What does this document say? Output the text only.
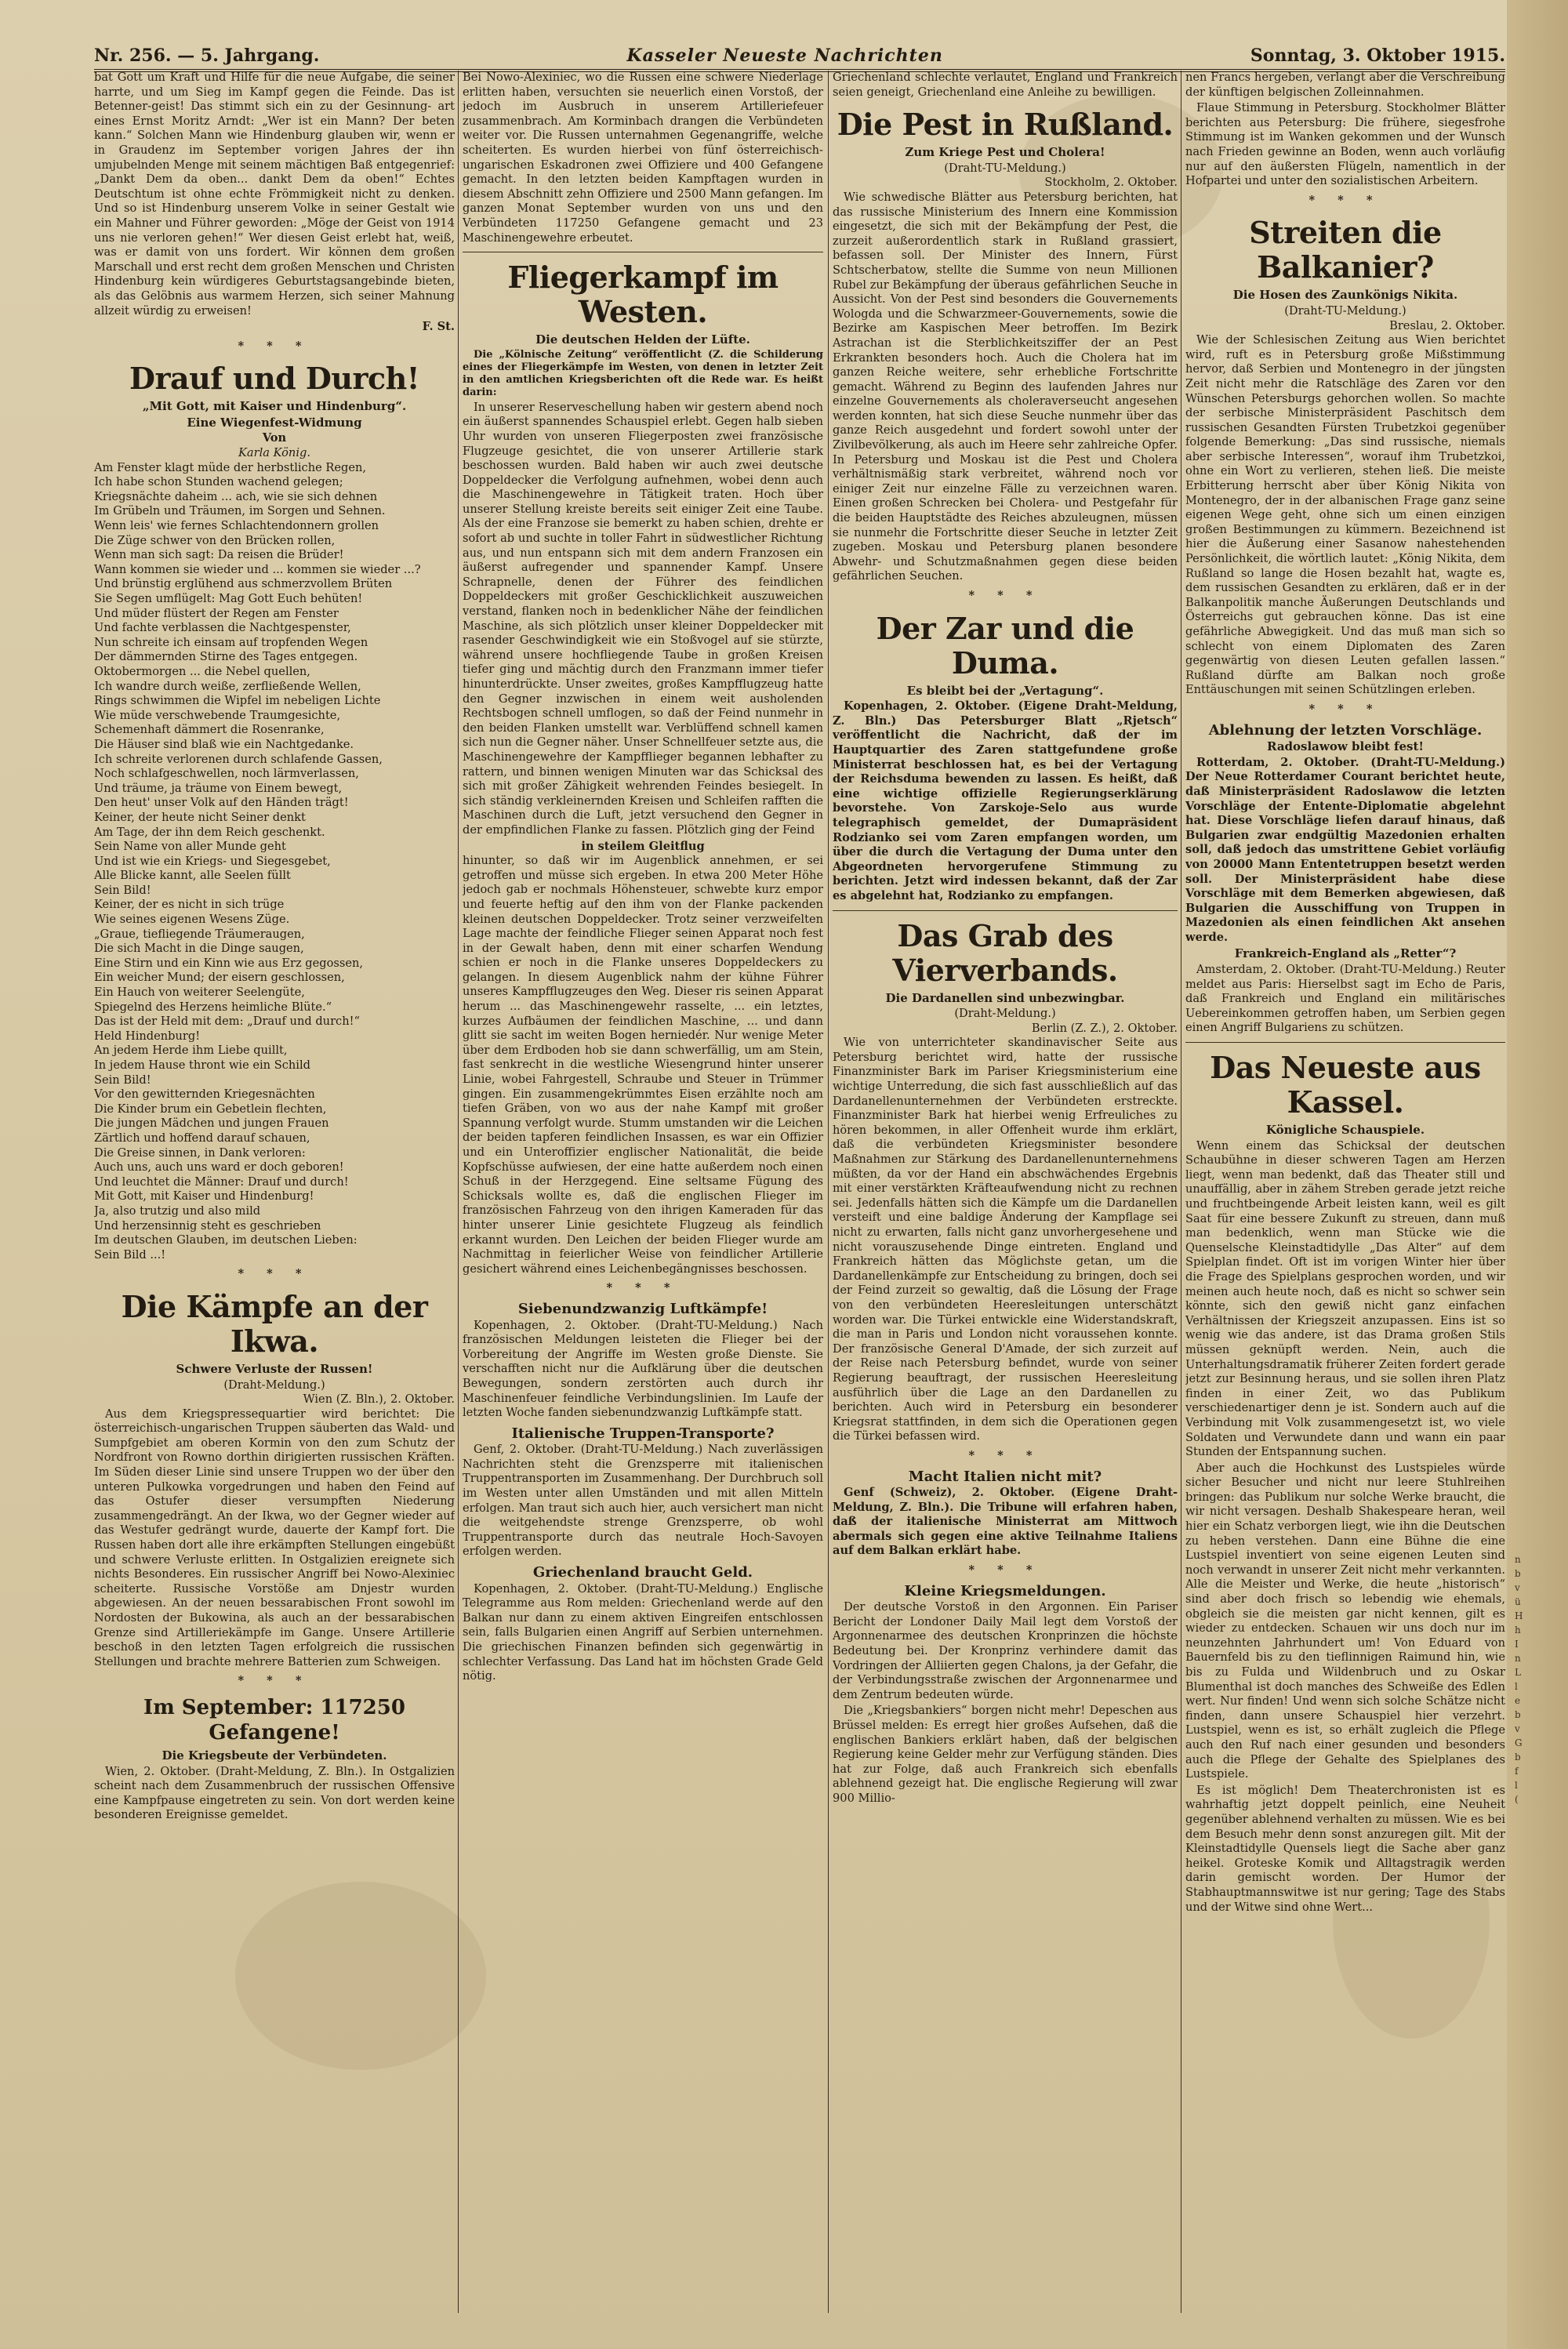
Nr. 256. — 5. Jahrgang.	Kasseler Neueste Nachrichten	Sonntag, 3. Oktober 1915.

bat Gott um Kraft und Hilfe für die neue Aufgabe, die seiner harrte, und um Sieg im Kampf gegen die Feinde. Das ist Betenner-geist! Das stimmt sich ein zu der Gesinnung- art eines Ernst Moritz Arndt: „Wer ist ein Mann? Der beten kann.“ Solchen Mann wie Hindenburg glauben wir, wenn er in Graudenz im September vorigen Jahres der ihn umjubelnden Menge mit seinem mächtigen Baß entgegenrief: „Dankt Dem da oben... dankt Dem da oben!“ Echtes Deutschtum ist ohne echte Frömmigkeit nicht zu denken. Und so ist Hindenburg unserem Volke in seiner Gestalt wie ein Mahner und Führer geworden: „Möge der Geist von 1914 uns nie verloren gehen!“ Wer diesen Geist erlebt hat, weiß, was er damit von uns fordert. Wir können dem großen Marschall und erst recht dem großen Menschen und Christen Hindenburg kein würdigeres Geburtstagsangebinde bieten, als das Gelöbnis aus warmem Herzen, sich seiner Mahnung allzeit würdig zu erweisen!

F. St.

* * *
Drauf und Durch!
„Mit Gott, mit Kaiser und Hindenburg“.
Eine Wiegenfest-Widmung
Von
Karla König.

Am Fenster klagt müde der herbstliche Regen,

Ich habe schon Stunden wachend gelegen;

Kriegsnächte daheim ... ach, wie sie sich dehnen

Im Grübeln und Träumen, im Sorgen und Sehnen.

Wenn leis' wie fernes Schlachtendonnern grollen

Die Züge schwer von den Brücken rollen,

Wenn man sich sagt: Da reisen die Brüder!

Wann kommen sie wieder und ... kommen sie wieder ...?

Und brünstig erglühend aus schmerzvollem Brüten

Sie Segen umflügelt: Mag Gott Euch behüten!

Und müder flüstert der Regen am Fenster

Und fachte verblassen die Nachtgespenster,

Nun schreite ich einsam auf tropfenden Wegen

Der dämmernden Stirne des Tages entgegen.

Oktobermorgen ... die Nebel quellen,

Ich wandre durch weiße, zerfließende Wellen,

Rings schwimmen die Wipfel im nebeligen Lichte

Wie müde verschwebende Traumgesichte,

Schemenhaft dämmert die Rosenranke,

Die Häuser sind blaß wie ein Nachtgedanke.

Ich schreite verlorenen durch schlafende Gassen,

Noch schlafgeschwellen, noch lärmverlassen,

Und träume, ja träume von Einem bewegt,

Den heut' unser Volk auf den Händen trägt!

Keiner, der heute nicht Seiner denkt

Am Tage, der ihn dem Reich geschenkt.

Sein Name von aller Munde geht

Und ist wie ein Kriegs- und Siegesgebet,

Alle Blicke kannt, alle Seelen füllt

Sein Bild!

Keiner, der es nicht in sich trüge

Wie seines eigenen Wesens Züge.

„Graue, tiefliegende Träumeraugen,

Die sich Macht in die Dinge saugen,

Eine Stirn und ein Kinn wie aus Erz gegossen,

Ein weicher Mund; der eisern geschlossen,

Ein Hauch von weiterer Seelengüte,

Spiegelnd des Herzens heimliche Blüte.“

Das ist der Held mit dem: „Drauf und durch!“

Held Hindenburg!

An jedem Herde ihm Liebe quillt,

In jedem Hause thront wie ein Schild

Sein Bild!

Vor den gewitternden Kriegesnächten

Die Kinder brum ein Gebetlein flechten,

Die jungen Mädchen und jungen Frauen

Zärtlich und hoffend darauf schauen,

Die Greise sinnen, in Dank verloren:

Auch uns, auch uns ward er doch geboren!

Und leuchtet die Männer: Drauf und durch!

Mit Gott, mit Kaiser und Hindenburg!

Ja, also trutzig und also mild

Und herzensinnig steht es geschrieben

Im deutschen Glauben, im deutschen Lieben:

Sein Bild ...!

* * *
Die Kämpfe an der Ikwa.
Schwere Verluste der Russen!
(Draht-Meldung.)
Wien (Z. Bln.), 2. Oktober.

Aus dem Kriegspressequartier wird berichtet: Die österreichisch-ungarischen Truppen säuberten das Wald- und Sumpfgebiet am oberen Kormin von den zum Schutz der Nordfront von Rowno dorthin dirigierten russischen Kräften. Im Süden dieser Linie sind unsere Truppen wo der über den unteren Pulkowka vorgedrungen und haben den Feind auf das Ostufer dieser versumpften Niederung zusammengedrängt. An der Ikwa, wo der Gegner wieder auf das Westufer gedrängt wurde, dauerte der Kampf fort. Die Russen haben dort alle ihre erkämpften Stellungen eingebüßt und schwere Verluste erlitten. In Ostgalizien ereignete sich nichts Besonderes. Ein russischer Angriff bei Nowo-Alexiniec scheiterte. Russische Vorstöße am Dnjestr wurden abgewiesen. An der neuen bessarabischen Front sowohl im Nordosten der Bukowina, als auch an der bessarabischen Grenze sind Artilleriekämpfe im Gange. Unsere Artillerie beschoß in den letzten Tagen erfolgreich die russischen Stellungen und brachte mehrere Batterien zum Schweigen.

* * *
Im September: 117250 Gefangene!
Die Kriegsbeute der Verbündeten.

Wien, 2. Oktober. (Draht-Meldung, Z. Bln.). In Ostgalizien scheint nach dem Zusammenbruch der russischen Offensive eine Kampfpause eingetreten zu sein. Von dort werden keine besonderen Ereignisse gemeldet.

Bei Nowo-Alexiniec, wo die Russen eine schwere Niederlage erlitten haben, versuchten sie neuerlich einen Vorstoß, der jedoch im Ausbruch in unserem Artilleriefeuer zusammenbrach. Am Korminbach drangen die Verbündeten weiter vor. Die Russen unternahmen Gegenangriffe, welche scheiterten. Es wurden hierbei von fünf österreichisch-ungarischen Eskadronen zwei Offiziere und 400 Gefangene gemacht. In den letzten beiden Kampftagen wurden in diesem Abschnitt zehn Offiziere und 2500 Mann gefangen. Im ganzen Monat September wurden von uns und den Verbündeten 117250 Gefangene gemacht und 23 Maschinengewehre erbeutet.

Fliegerkampf im Westen.
Die deutschen Helden der Lüfte.

Die „Kölnische Zeitung“ veröffentlicht (Z. die Schilderung eines der Fliegerkämpfe im Westen, von denen in letzter Zeit in den amtlichen Kriegsberichten oft die Rede war. Es heißt darin:

In unserer Reserveschellung haben wir gestern abend noch ein äußerst spannendes Schauspiel erlebt. Gegen halb sieben Uhr wurden von unseren Fliegerposten zwei französische Flugzeuge gesichtet, die von unserer Artillerie stark beschossen wurden. Bald haben wir auch zwei deutsche Doppeldecker die Verfolgung aufnehmen, wobei denn auch die Maschinengewehre in Tätigkeit traten. Hoch über unserer Stellung kreiste bereits seit einiger Zeit eine Taube. Als der eine Franzose sie bemerkt zu haben schien, drehte er sofort ab und suchte in toller Fahrt in südwestlicher Richtung aus, und nun entspann sich mit dem andern Franzosen ein äußerst aufregender und spannender Kampf. Unsere Schrapnelle, denen der Führer des feindlichen Doppeldeckers mit großer Geschicklichkeit auszuweichen verstand, flanken noch in bedenklicher Nähe der feindlichen Maschine, als sich plötzlich unser kleiner Doppeldecker mit rasender Geschwindigkeit wie ein Stoßvogel auf sie stürzte, während unsere hochfliegende Taube in großen Kreisen tiefer ging und mächtig durch den Franzmann immer tiefer hinunterdrückte. Unser zweites, großes Kampfflugzeug hatte den Gegner inzwischen in einem weit ausholenden Rechtsbogen schnell umflogen, so daß der Feind nunmehr in den beiden Flanken umstellt war. Verblüffend schnell kamen sich nun die Gegner näher. Unser Schnellfeuer setzte aus, die Maschinengewehre der Kampfflieger begannen lebhafter zu rattern, und binnen wenigen Minuten war das Schicksal des sich mit großer Zähigkeit wehrenden Feindes besiegelt. In sich ständig verkleinernden Kreisen und Schleifen rafften die Maschinen durch die Luft, jetzt versuchend den Gegner in der empfindlichen Flanke zu fassen. Plötzlich ging der Feind

in steilem Gleitflug

hinunter, so daß wir im Augenblick annehmen, er sei getroffen und müsse sich ergeben. In etwa 200 Meter Höhe jedoch gab er nochmals Höhensteuer, schwebte kurz empor und feuerte heftig auf den ihm von der Flanke packenden kleinen deutschen Doppeldecker. Trotz seiner verzweifelten Lage machte der feindliche Flieger seinen Apparat noch fest in der Gewalt haben, denn mit einer scharfen Wendung schien er noch in die Flanke unseres Doppeldeckers zu gelangen. In diesem Augenblick nahm der kühne Führer unseres Kampfflugzeuges den Weg. Dieser ris seinen Apparat herum ... das Maschinengewehr rasselte, ... ein letztes, kurzes Aufbäumen der feindlichen Maschine, ... und dann glitt sie sacht im weiten Bogen herniedér. Nur wenige Meter über dem Erdboden hob sie dann schwerfällig, um am Stein, fast senkrecht in die westliche Wiesengrund hinter unserer Linie, wobei Fahrgestell, Schraube und Steuer in Trümmer gingen. Ein zusammengekrümmtes Eisen erzählte noch am tiefen Gräben, von wo aus der nahe Kampf mit großer Spannung verfolgt wurde. Stumm umstanden wir die Leichen der beiden tapferen feindlichen Insassen, es war ein Offizier und ein Unteroffizier englischer Nationalität, die beide Kopfschüsse aufwiesen, der eine hatte außerdem noch einen Schuß in der Herzgegend. Eine seltsame Fügung des Schicksals wollte es, daß die englischen Flieger im französischen Fahrzeug von den ihrigen Kameraden für das hinter unserer Linie gesichtete Flugzeug als feindlich erkannt wurden. Den Leichen der beiden Flieger wurde am Nachmittag in feierlicher Weise von feindlicher Artillerie gesichert während eines Leichenbegängnisses beschossen.

* * *
Siebenundzwanzig Luftkämpfe!

Kopenhagen, 2. Oktober. (Draht-TU-Meldung.) Nach französischen Meldungen leisteten die Flieger bei der Vorbereitung der Angriffe im Westen große Dienste. Sie verschafften nicht nur die Aufklärung über die deutschen Bewegungen, sondern zerstörten auch durch ihr Maschinenfeuer feindliche Verbindungslinien. Im Laufe der letzten Woche fanden siebenundzwanzig Luftkämpfe statt.

Italienische Truppen-Transporte?

Genf, 2. Oktober. (Draht-TU-Meldung.) Nach zuverlässigen Nachrichten steht die Grenzsperre mit italienischen Truppentransporten im Zusammenhang. Der Durchbruch soll im Westen unter allen Umständen und mit allen Mitteln erfolgen. Man traut sich auch hier, auch versichert man nicht die weitgehendste strenge Grenzsperre, ob wohl Truppentransporte durch das neutrale Hoch-Savoyen erfolgen werden.

Griechenland braucht Geld.

Kopenhagen, 2. Oktober. (Draht-TU-Meldung.) Englische Telegramme aus Rom melden: Griechenland werde auf den Balkan nur dann zu einem aktiven Eingreifen entschlossen sein, falls Bulgarien einen Angriff auf Serbien unternehmen. Die griechischen Finanzen befinden sich gegenwärtig in schlechter Verfassung. Das Land hat im höchsten Grade Geld nötig.

Griechenland schlechte verlautet, England und Frankreich seien geneigt, Griechenland eine Anleihe zu bewilligen.

Die Pest in Rußland.
Zum Kriege Pest und Cholera!
(Draht-TU-Meldung.)
Stockholm, 2. Oktober.

Wie schwedische Blätter aus Petersburg berichten, hat das russische Ministerium des Innern eine Kommission eingesetzt, die sich mit der Bekämpfung der Pest, die zurzeit außerordentlich stark in Rußland grassiert, befassen soll. Der Minister des Innern, Fürst Schtscherbatow, stellte die Summe von neun Millionen Rubel zur Bekämpfung der überaus gefährlichen Seuche in Aussicht. Von der Pest sind besonders die Gouvernements Wologda und die Schwarzmeer-Gouvernements, sowie die Bezirke am Kaspischen Meer betroffen. Im Bezirk Astrachan ist die Sterblichkeitsziffer der an Pest Erkrankten besonders hoch. Auch die Cholera hat im ganzen Reiche weitere, sehr erhebliche Fortschritte gemacht. Während zu Beginn des laufenden Jahres nur einzelne Gouvernements als choleraverseucht angesehen werden konnten, hat sich diese Seuche nunmehr über das ganze Reich ausgedehnt und fordert sowohl unter der Zivilbevölkerung, als auch im Heere sehr zahlreiche Opfer. In Petersburg und Moskau ist die Pest und Cholera verhältnismäßig stark verbreitet, während noch vor einiger Zeit nur einzelne Fälle zu verzeichnen waren. Einen großen Schrecken bei Cholera- und Pestgefahr für die beiden Hauptstädte des Reiches abzuleugnen, müssen sie nunmehr die Fortschritte dieser Seuche in letzter Zeit zugeben. Moskau und Petersburg planen besondere Abwehr- und Schutzmaßnahmen gegen diese beiden gefährlichen Seuchen.

* * *
Der Zar und die Duma.
Es bleibt bei der „Vertagung“.

Kopenhagen, 2. Oktober. (Eigene Draht-Meldung, Z. Bln.) Das Petersburger Blatt „Rjetsch“ veröffentlicht die Nachricht, daß der im Hauptquartier des Zaren stattgefundene große Ministerrat beschlossen hat, es bei der Vertagung der Reichsduma bewenden zu lassen. Es heißt, daß eine wichtige offizielle Regierungserklärung bevorstehe. Von Zarskoje-Selo aus wurde telegraphisch gemeldet, der Dumapräsident Rodzianko sei vom Zaren empfangen worden, um über die durch die Vertagung der Duma unter den Abgeordneten hervorgerufene Stimmung zu berichten. Jetzt wird indessen bekannt, daß der Zar es abgelehnt hat, Rodzianko zu empfangen.

Das Grab des Vierverbands.
Die Dardanellen sind unbezwingbar.
(Draht-Meldung.)
Berlin (Z. Z.), 2. Oktober.

Wie von unterrichteter skandinavischer Seite aus Petersburg berichtet wird, hatte der russische Finanzminister Bark im Pariser Kriegsministerium eine wichtige Unterredung, die sich fast ausschließlich auf das Dardanellenunternehmen der Verbündeten erstreckte. Finanzminister Bark hat hierbei wenig Erfreuliches zu hören bekommen, in aller Offenheit wurde ihm erklärt, daß die verbündeten Kriegsminister besondere Maßnahmen zur Stärkung des Dardanellenunternehmens müßten, da vor der Hand ein abschwächendes Ergebnis mit einer verstärkten Kräfteaufwendung nicht zu rechnen sei. Jedenfalls hätten sich die Kämpfe um die Dardanellen versteift und eine baldige Änderung der Kampflage sei nicht zu erwarten, falls nicht ganz unvorhergesehene und nicht vorauszusehende Dinge eintreten. England und Frankreich hätten das Möglichste getan, um die Dardanellenkämpfe zur Entscheidung zu bringen, doch sei der Feind zurzeit so gewaltig, daß die Lösung der Frage von den verbündeten Heeresleitungen unterschätzt worden war. Die Türkei entwickle eine Widerstandskraft, die man in Paris und London nicht voraussehen konnte. Der französische General D'Amade, der sich zurzeit auf der Reise nach Petersburg befindet, wurde von seiner Regierung beauftragt, der russischen Heeresleitung ausführlich über die Lage an den Dardanellen zu berichten. Auch wird in Petersburg ein besonderer Kriegsrat stattfinden, in dem sich die Operationen gegen die Türkei befassen wird.

* * *
Macht Italien nicht mit?

Genf (Schweiz), 2. Oktober. (Eigene Draht-Meldung, Z. Bln.). Die Tribune will erfahren haben, daß der italienische Ministerrat am Mittwoch abermals sich gegen eine aktive Teilnahme Italiens auf dem Balkan erklärt habe.

* * *
Kleine Kriegsmeldungen.

Der deutsche Vorstoß in den Argonnen. Ein Pariser Bericht der Londoner Daily Mail legt dem Vorstoß der Argonnenarmee des deutschen Kronprinzen die höchste Bedeutung bei. Der Kronprinz verhindere damit das Vordringen der Alliierten gegen Chalons, ja der Gefahr, die der Verbindungsstraße zwischen der Argonnenarmee und dem Zentrum bedeuten würde.

Die „Kriegsbankiers“ borgen nicht mehr! Depeschen aus Brüssel melden: Es erregt hier großes Aufsehen, daß die englischen Bankiers erklärt haben, daß der belgischen Regierung keine Gelder mehr zur Verfügung ständen. Dies hat zur Folge, daß auch Frankreich sich ebenfalls ablehnend gezeigt hat. Die englische Regierung will zwar 900 Millio-

nen Francs hergeben, verlangt aber die Verschreibung der künftigen belgischen Zolleinnahmen.

Flaue Stimmung in Petersburg. Stockholmer Blätter berichten aus Petersburg: Die frühere, siegesfrohe Stimmung ist im Wanken gekommen und der Wunsch nach Frieden gewinne an Boden, wenn auch vorläufig nur auf den äußersten Flügeln, namentlich in der Hofpartei und unter den sozialistischen Arbeitern.

* * *
Streiten die Balkanier?
Die Hosen des Zaunkönigs Nikita.
(Draht-TU-Meldung.)
Breslau, 2. Oktober.

Wie der Schlesischen Zeitung aus Wien berichtet wird, ruft es in Petersburg große Mißstimmung hervor, daß Serbien und Montenegro in der jüngsten Zeit nicht mehr die Ratschläge des Zaren vor den Wünschen Petersburgs gehorchen wollen. So machte der serbische Ministerpräsident Paschitsch dem russischen Gesandten Fürsten Trubetzkoi gegenüber folgende Bemerkung: „Das sind russische, niemals aber serbische Interessen“, worauf ihm Trubetzkoi, ohne ein Wort zu verlieren, stehen ließ. Die meiste Erbitterung herrscht aber über König Nikita von Montenegro, der in der albanischen Frage ganz seine eigenen Wege geht, ohne sich um einen einzigen großen Bestimmungen zu kümmern. Bezeichnend ist hier die Äußerung einer Sasanow nahestehenden Persönlichkeit, die wörtlich lautet: „König Nikita, dem Rußland so lange die Hosen bezahlt hat, wagte es, dem russischen Gesandten zu erklären, daß er in der Balkanpolitik manche Äußerungen Deutschlands und Österreichs gut gebrauchen könne. Das ist eine gefährliche Abwegigkeit. Und das muß man sich so schlecht von einem Diplomaten des Zaren gegenwärtig von diesen Leuten gefallen lassen.“ Rußland dürfte am Balkan noch große Enttäuschungen mit seinen Schützlingen erleben.

* * *
Ablehnung der letzten Vorschläge.
Radoslawow bleibt fest!

Rotterdam, 2. Oktober. (Draht-TU-Meldung.) Der Neue Rotterdamer Courant berichtet heute, daß Ministerpräsident Radoslawow die letzten Vorschläge der Entente-Diplomatie abgelehnt hat. Diese Vorschläge liefen darauf hinaus, daß Bulgarien zwar endgültig Mazedonien erhalten soll, daß jedoch das umstrittene Gebiet vorläufig von 20000 Mann Ententetruppen besetzt werden soll. Der Ministerpräsident habe diese Vorschläge mit dem Bemerken abgewiesen, daß Bulgarien die Ausschiffung von Truppen in Mazedonien als einen feindlichen Akt ansehen werde.

Frankreich-England als „Retter“?

Amsterdam, 2. Oktober. (Draht-TU-Meldung.) Reuter meldet aus Paris: Hierselbst sagt im Echo de Paris, daß Frankreich und England ein militärisches Uebereinkommen getroffen haben, um Serbien gegen einen Angriff Bulgariens zu schützen.

Das Neueste aus Kassel.
Königliche Schauspiele.

Wenn einem das Schicksal der deutschen Schaubühne in dieser schweren Tagen am Herzen liegt, wenn man bedenkt, daß das Theater still und unauffällig, aber in zähem Streben gerade jetzt reiche und fruchtbeingende Arbeit leisten kann, weil es gilt Saat für eine bessere Zukunft zu streuen, dann muß man bedenklich, wenn man Stücke wie die Quenselsche Kleinstadtidylle „Das Alter“ auf dem Spielplan findet. Oft ist im vorigen Winter hier über die Frage des Spielplans gesprochen worden, und wir meinen auch heute noch, daß es nicht so schwer sein könnte, sich den gewiß nicht ganz einfachen Verhältnissen der Kriegszeit anzupassen. Eins ist so wenig wie das andere, ist das Drama großen Stils müssen geknüpft werden. Nein, auch die Unterhaltungsdramatik früherer Zeiten fordert gerade jetzt zur Besinnung heraus, und sie sollen ihren Platz finden in einer Zeit, wo das Publikum verschiedenartiger denn je ist. Sondern auch auf die Verbindung mit Volk zusammengesetzt ist, wo viele Soldaten und Verwundete dann und wann ein paar Stunden der Entspannung suchen.

Aber auch die Hochkunst des Lustspieles würde sicher Besucher und nicht nur leere Stuhlreihen bringen: das Publikum nur solche Werke braucht, die wir nicht versagen. Deshalb Shakespeare heran, weil hier ein Schatz verborgen liegt, wie ihn die Deutschen zu heben verstehen. Dann eine Bühne die eine Lustspiel inventiert von seine eigenen Leuten sind noch verwandt in unserer Zeit nicht mehr verkannten. Alle die Meister und Werke, die heute „historisch“ sind aber doch frisch so lebendig wie ehemals, obgleich sie die meisten gar nicht kennen, gilt es wieder zu entdecken. Schauen wir uns doch nur im neunzehnten Jahrhundert um! Von Eduard von Bauernfeld bis zu den tieflinnigen Raimund hin, wie bis zu Fulda und Wildenbruch und zu Oskar Blumenthal ist doch manches des Schweiße des Edlen wert. Nur finden! Und wenn sich solche Schätze nicht finden, dann unsere Schauspiel hier verzehrt. Lustspiel, wenn es ist, so erhält zugleich die Pflege auch den Ruf nach einer gesunden und besonders auch die Pflege der Gehalte des Spielplanes des Lustspiele.

Es ist möglich! Dem Theaterchronisten ist es wahrhaftig jetzt doppelt peinlich, eine Neuheit gegenüber ablehnend verhalten zu müssen. Wie es bei dem Besuch mehr denn sonst anzuregen gilt. Mit der Kleinstadtidylle Quensels liegt die Sache aber ganz heikel. Groteske Komik und Alltagstragik werden darin gemischt worden. Der Humor der Stabhauptmannswitwe ist nur gering; Tage des Stabs und der Witwe sind ohne Wert...

n
b
v
ü
H
h
I
n
L
l
e
b
v
G
b
f
l
(
